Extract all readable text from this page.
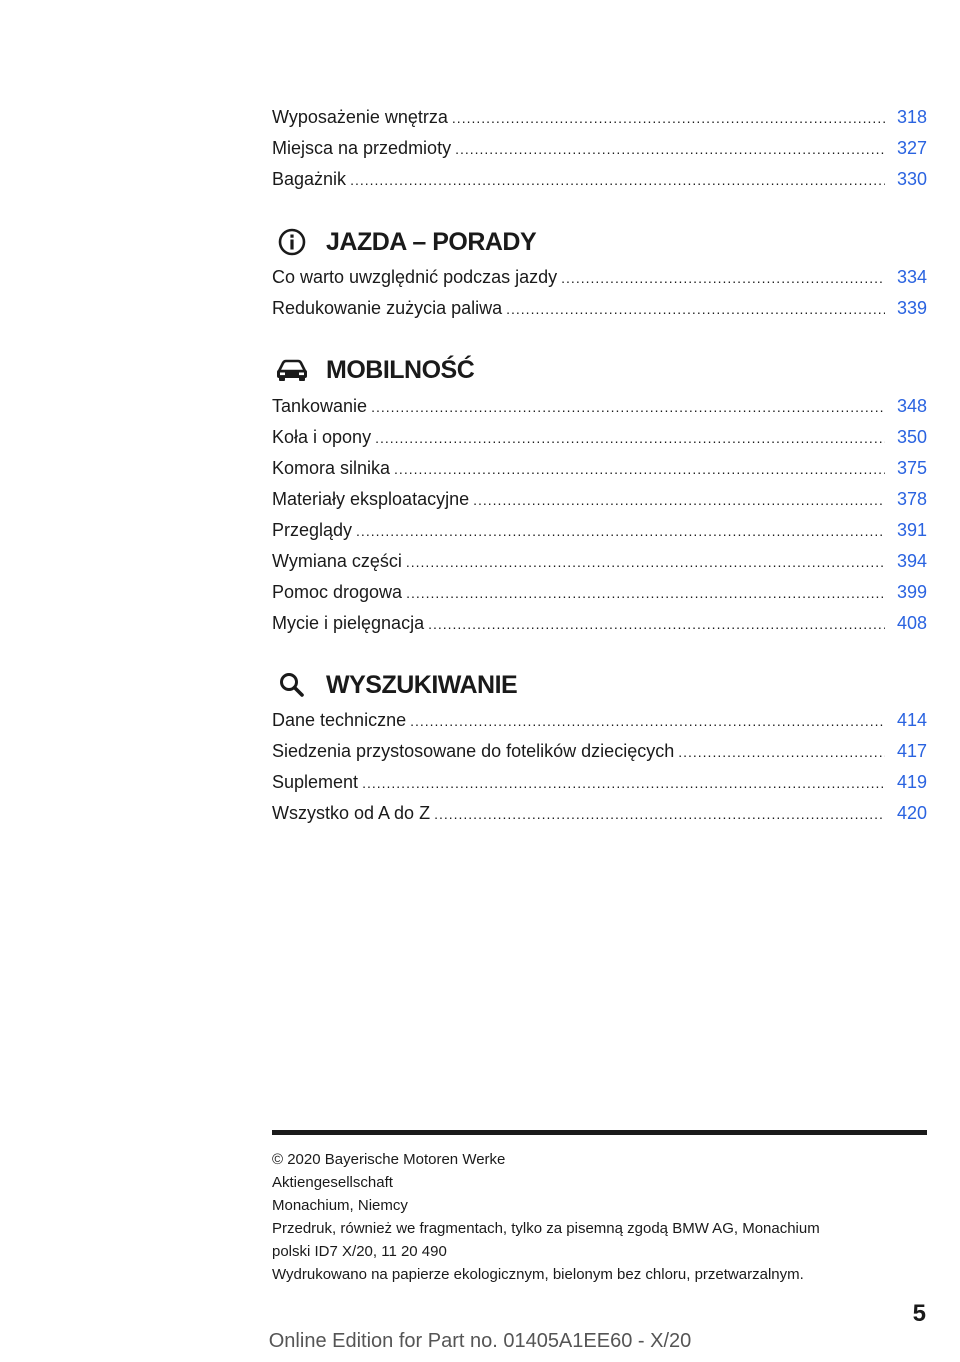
Wyposażenie wnętrza .....	318
Miejsca na przedmioty .....	327
Bagażnik .....	330
JAZDA – PORADY
Co warto uwzględnić podczas jazdy .....	334
Redukowanie zużycia paliwa .....	339
MOBILNOŚĆ
Tankowanie .....	348
Koła i opony .....	350
Komora silnika .....	375
Materiały eksploatacyjne .....	378
Przeglądy .....	391
Wymiana części .....	394
Pomoc drogowa .....	399
Mycie i pielęgnacja .....	408
WYSZUKIWANIE
Dane techniczne .....	414
Siedzenia przystosowane do fotelików dziecięcych .....	417
Suplement .....	419
Wszystko od A do Z .....	420
© 2020 Bayerische Motoren Werke
Aktiengesellschaft
Monachium, Niemcy
Przedruk, również we fragmentach, tylko za pisemną zgodą BMW AG, Monachium
polski ID7 X/20, 11 20 490
Wydrukowano na papierze ekologicznym, bielonym bez chloru, przetwarzalnym.
5
Online Edition for Part no. 01405A1EE60 - X/20
